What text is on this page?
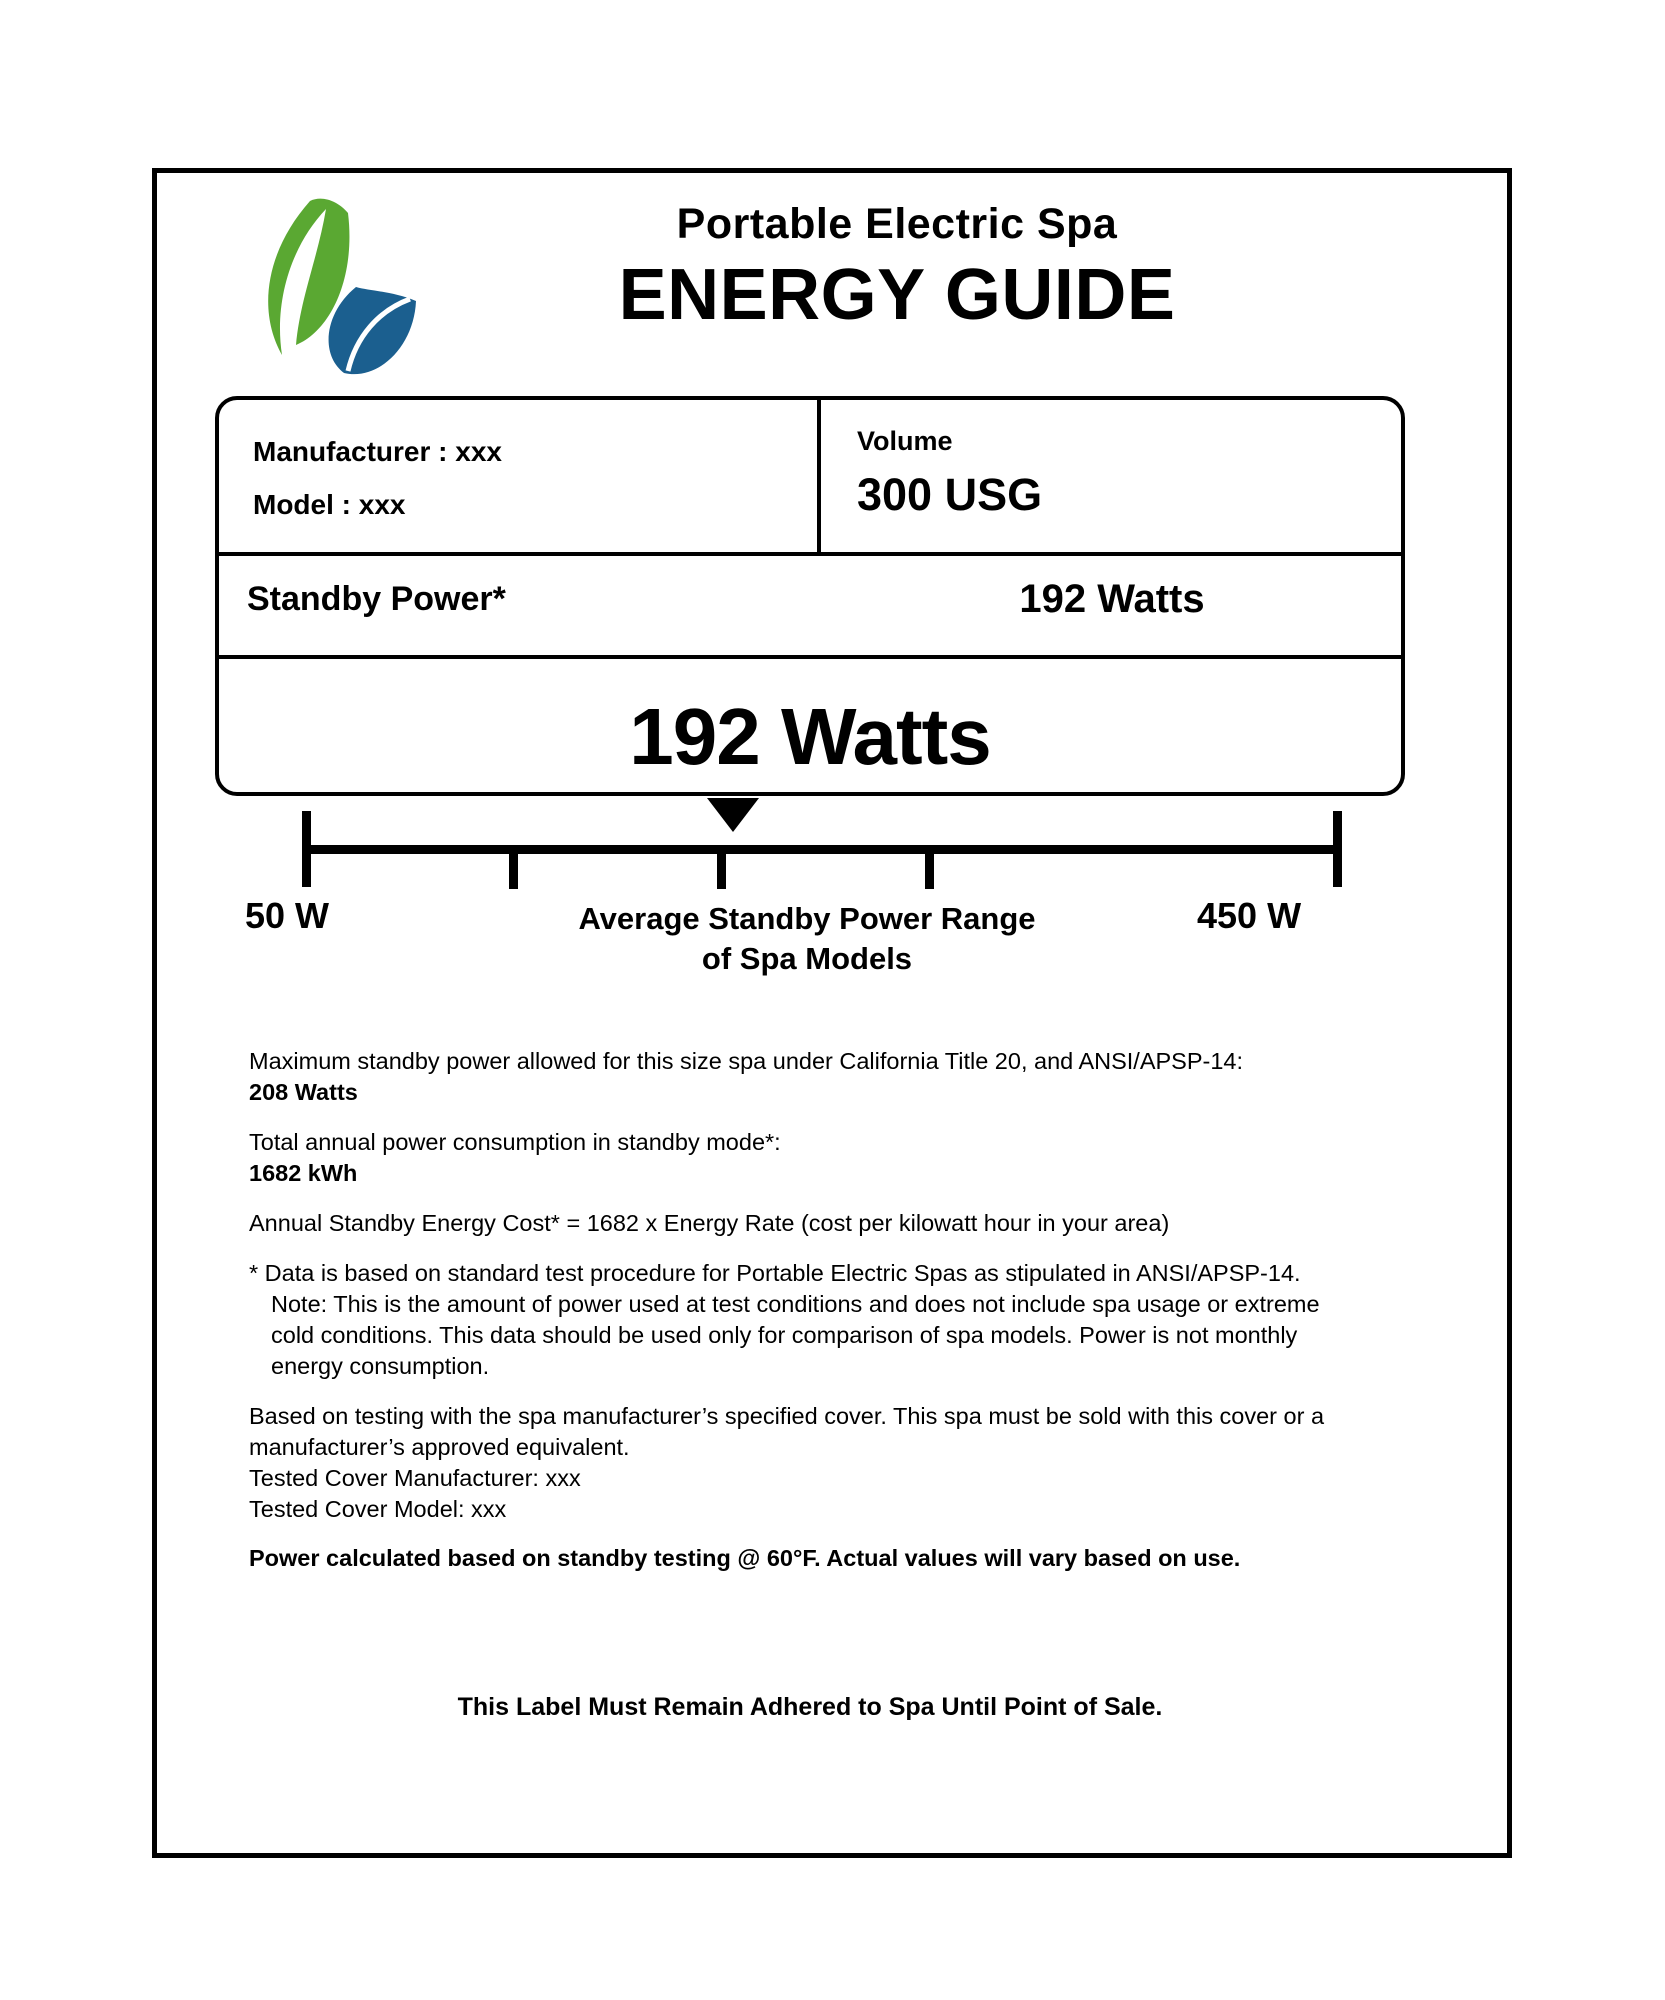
Portable Electric Spa
ENERGY GUIDE
Manufacturer : xxx
Model : xxx
Volume
300 USG
Standby Power*	192 Watts
192 Watts
50 W	450 W
Average Standby Power Range
of Spa Models
Maximum standby power allowed for this size spa under California Title 20, and ANSI/APSP-14:
208 Watts
Total annual power consumption in standby mode*:
1682 kWh
Annual Standby Energy Cost* = 1682 x Energy Rate (cost per kilowatt hour in your area)
* Data is based on standard test procedure for Portable Electric Spas as stipulated in ANSI/APSP-14. Note: This is the amount of power used at test conditions and does not include spa usage or extreme cold conditions. This data should be used only for comparison of spa models. Power is not monthly energy consumption.
Based on testing with the spa manufacturer’s specified cover. This spa must be sold with this cover or a manufacturer’s approved equivalent.
Tested Cover Manufacturer: xxx
Tested Cover Model: xxx
Power calculated based on standby testing @ 60°F. Actual values will vary based on use.
This Label Must Remain Adhered to Spa Until Point of Sale.
